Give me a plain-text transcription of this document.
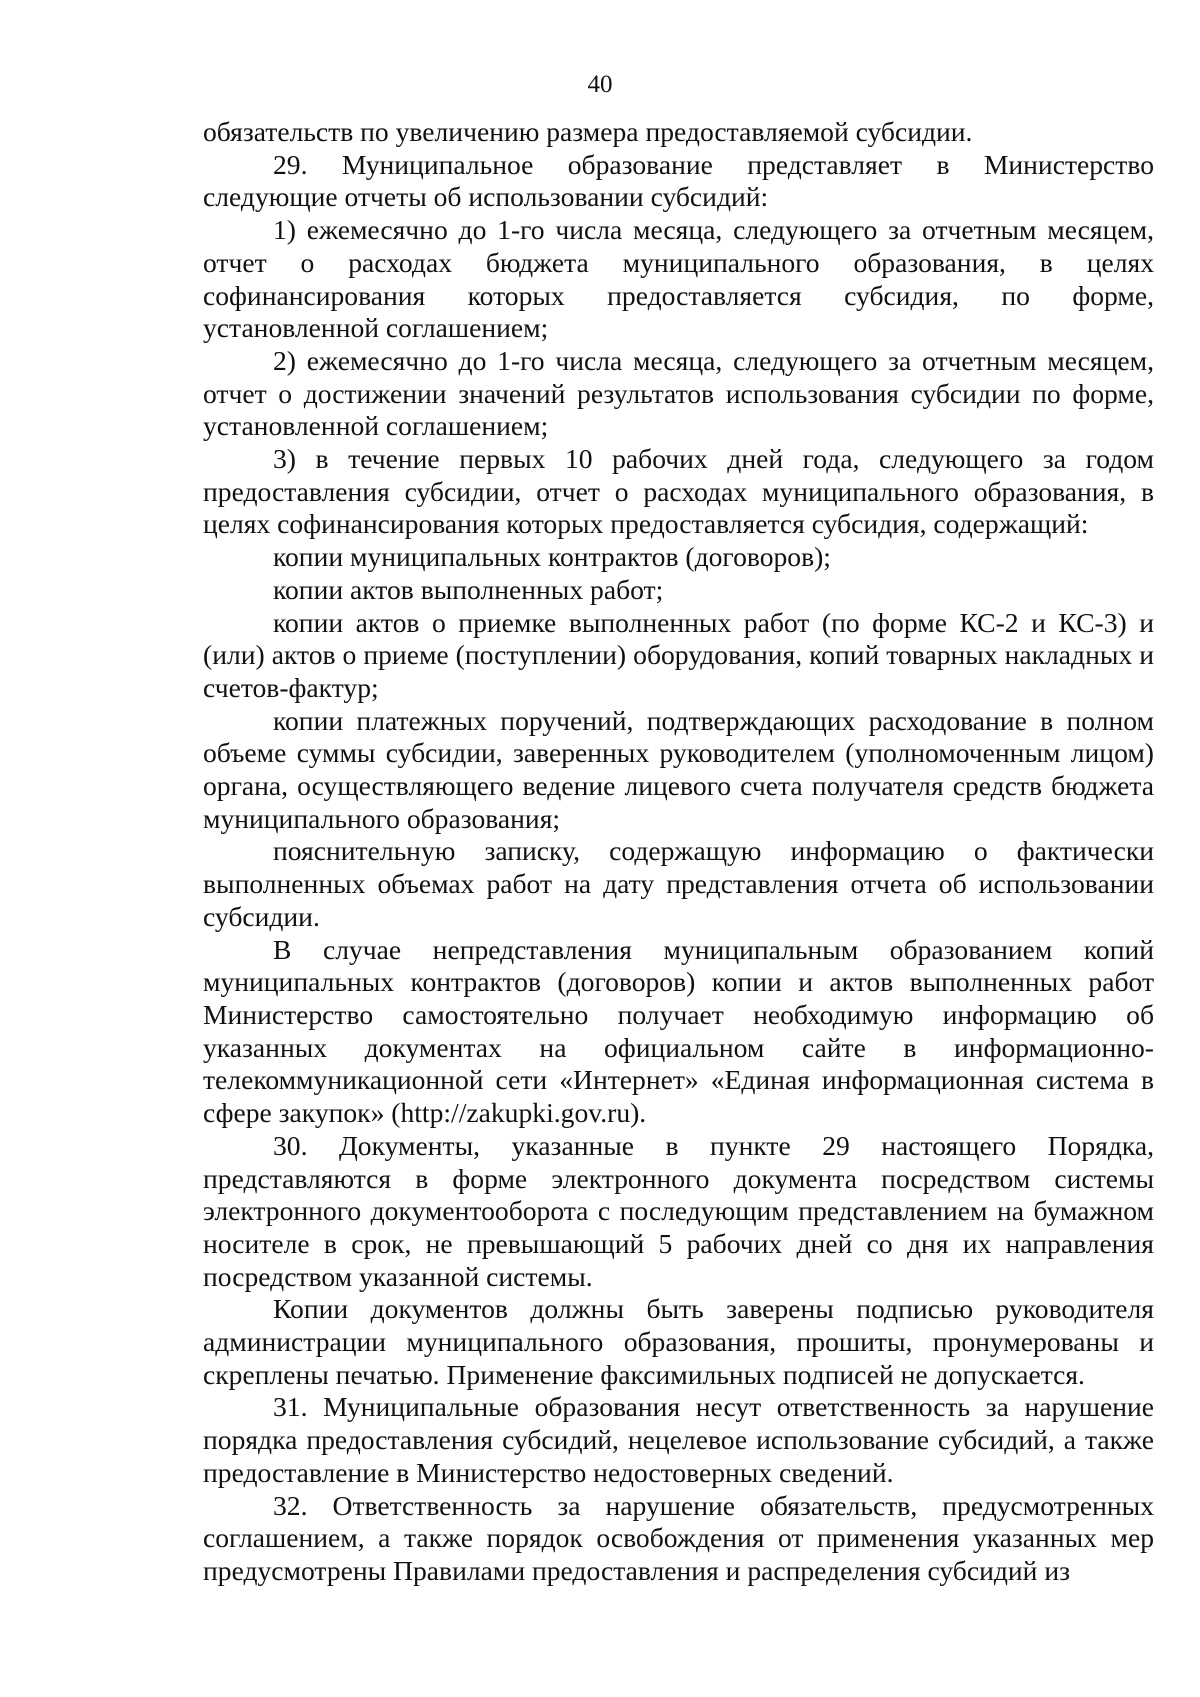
40

обязательств по увеличению размера предоставляемой субсидии.

29. Муниципальное образование представляет в Министерство следующие отчеты об использовании субсидий:

1) ежемесячно до 1-го числа месяца, следующего за отчетным месяцем, отчет о расходах бюджета муниципального образования, в целях софинансирования которых предоставляется субсидия, по форме, установленной соглашением;

2) ежемесячно до 1-го числа месяца, следующего за отчетным месяцем, отчет о достижении значений результатов использования субсидии по форме, установленной соглашением;

3) в течение первых 10 рабочих дней года, следующего за годом предоставления субсидии, отчет о расходах муниципального образования, в целях софинансирования которых предоставляется субсидия, содержащий:

копии муниципальных контрактов (договоров);

копии актов выполненных работ;

копии актов о приемке выполненных работ (по форме КС-2 и КС-3) и (или) актов о приеме (поступлении) оборудования, копий товарных накладных и счетов-фактур;

копии платежных поручений, подтверждающих расходование в полном объеме суммы субсидии, заверенных руководителем (уполномоченным лицом) органа, осуществляющего ведение лицевого счета получателя средств бюджета муниципального образования;

пояснительную записку, содержащую информацию о фактически выполненных объемах работ на дату представления отчета об использовании субсидии.

В случае непредставления муниципальным образованием копий муниципальных контрактов (договоров) копии и актов выполненных работ Министерство самостоятельно получает необходимую информацию об указанных документах на официальном сайте в информационно-телекоммуникационной сети «Интернет» «Единая информационная система в сфере закупок» (http://zakupki.gov.ru).

30. Документы, указанные в пункте 29 настоящего Порядка, представляются в форме электронного документа посредством системы электронного документооборота с последующим представлением на бумажном носителе в срок, не превышающий 5 рабочих дней со дня их направления посредством указанной системы.

Копии документов должны быть заверены подписью руководителя администрации муниципального образования, прошиты, пронумерованы и скреплены печатью. Применение факсимильных подписей не допускается.

31. Муниципальные образования несут ответственность за нарушение порядка предоставления субсидий, нецелевое использование субсидий, а также предоставление в Министерство недостоверных сведений.

32. Ответственность за нарушение обязательств, предусмотренных соглашением, а также порядок освобождения от применения указанных мер предусмотрены Правилами предоставления и распределения субсидий из
